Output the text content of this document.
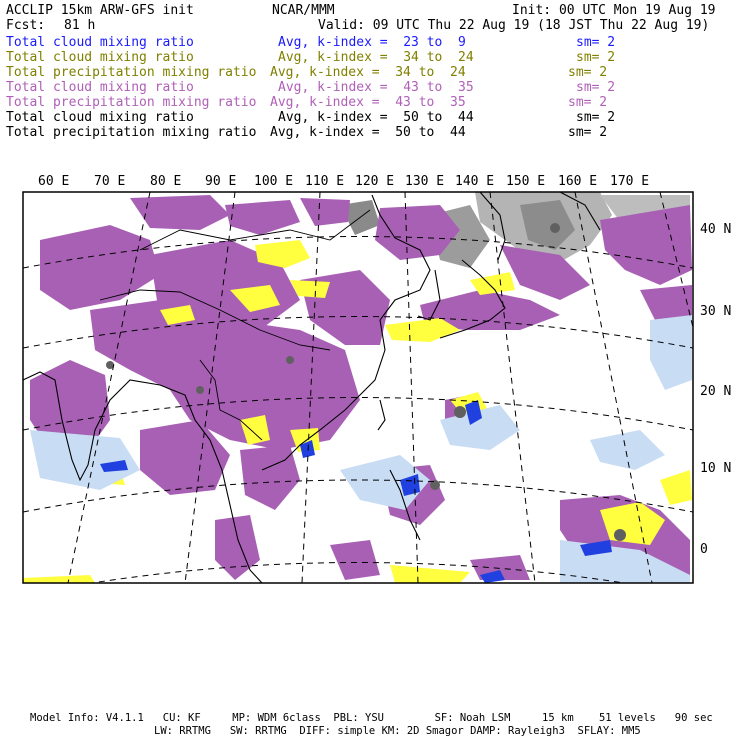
ACCLIP 15km ARW-GFS init	NCAR/MMM	Init: 00 UTC Mon 19 Aug 19
Fcst: 81 h	Valid: 09 UTC Thu 22 Aug 19 (18 JST Thu 22 Aug 19)
Total cloud mixing ratio	Avg, k-index =  23 to  9	sm= 2
Total cloud mixing ratio	Avg, k-index =  34 to  24	sm= 2
Total precipitation mixing ratio Avg, k-index =  34 to  24	sm= 2
Total cloud mixing ratio	Avg, k-index =  43 to  35	sm= 2
Total precipitation mixing ratio Avg, k-index =  43 to  35	sm= 2
Total cloud mixing ratio	Avg, k-index =  50 to  44	sm= 2
Total precipitation mixing ratio Avg, k-index =  50 to  44	sm= 2
60 E 70 E 80 E 90 E 100 E 110 E 120 E 130 E 140 E 150 E 160 E 170 E
40 N
30 N
20 N
10 N
0
Model Info: V4.1.1   CU: KF     MP: WDM 6class  PBL: YSU        SF: Noah LSM     15 km    51 levels   90 sec
LW: RRTMG   SW: RRTMG  DIFF: simple KM: 2D Smagor DAMP: Rayleigh3  SFLAY: MM5
